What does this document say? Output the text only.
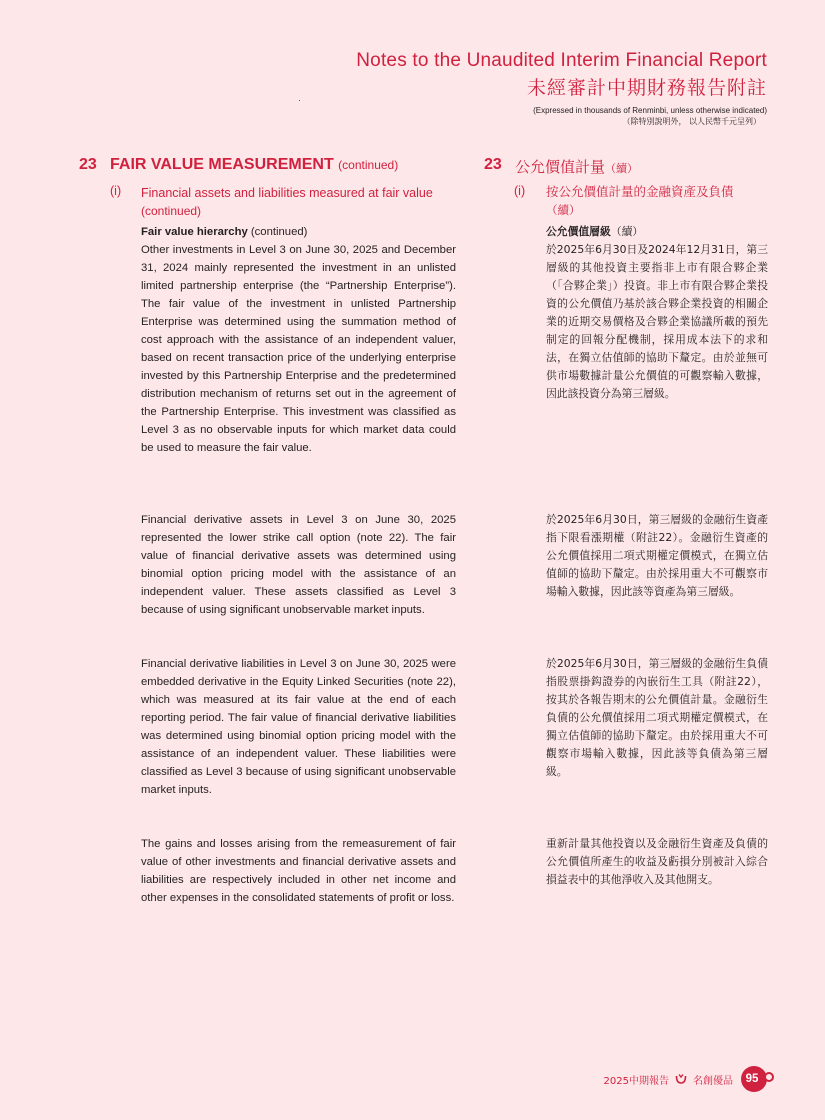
Notes to the Unaudited Interim Financial Report
未經審計中期財務報告附註
(Expressed in thousands of Renminbi, unless otherwise indicated)
（除特別說明外， 以人民幣千元呈列）
23 FAIR VALUE MEASUREMENT (continued)
(i) Financial assets and liabilities measured at fair value (continued)
23 公允價值計量（續）
(i) 按公允價值計量的金融資產及負債
（續）

Fair value hierarchy (continued)

Other investments in Level 3 on June 30, 2025 and December 31, 2024 mainly represented the investment in an unlisted limited partnership enterprise (the “Partnership Enterprise”). The fair value of the investment in unlisted Partnership Enterprise was determined using the summation method of cost approach with the assistance of an independent valuer, based on recent transaction price of the underlying enterprise invested by this Partnership Enterprise and the predetermined distribution mechanism of returns set out in the agreement of the Partnership Enterprise. This investment was classified as Level 3 as no observable inputs for which market data could be used to measure the fair value.

Financial derivative assets in Level 3 on June 30, 2025 represented the lower strike call option (note 22). The fair value of financial derivative assets was determined using binomial option pricing model with the assistance of an independent valuer. These assets classified as Level 3 because of using significant unobservable market inputs.

Financial derivative liabilities in Level 3 on June 30, 2025 were embedded derivative in the Equity Linked Securities (note 22), which was measured at its fair value at the end of each reporting period. The fair value of financial derivative liabilities was determined using binomial option pricing model with the assistance of an independent valuer. These liabilities were classified as Level 3 because of using significant unobservable market inputs.

The gains and losses arising from the remeasurement of fair value of other investments and financial derivative assets and liabilities are respectively included in other net income and other expenses in the consolidated statements of profit or loss.

公允價值層級（續）

於2025年6月30日及2024年12月31日，第三層級的其他投資主要指非上市有限合夥企業（「合夥企業」）投資。非上市有限合夥企業投資的公允價值乃基於該合夥企業投資的相關企業的近期交易價格及合夥企業協議所載的預先制定的回報分配機制，採用成本法下的求和法，在獨立估值師的協助下釐定。由於並無可供市場數據計量公允價值的可觀察輸入數據，因此該投資分為第三層級。

於2025年6月30日，第三層級的金融衍生資產指下限看漲期權（附註22）。金融衍生資產的公允價值採用二項式期權定價模式，在獨立估值師的協助下釐定。由於採用重大不可觀察市場輸入數據，因此該等資產為第三層級。

於2025年6月30日，第三層級的金融衍生負債指股票掛鈎證券的內嵌衍生工具（附註22），按其於各報告期末的公允價值計量。金融衍生負債的公允價值採用二項式期權定價模式，在獨立估值師的協助下釐定。由於採用重大不可觀察市場輸入數據，因此該等負債為第三層級。

重新計量其他投資以及金融衍生資產及負債的公允價值所產生的收益及虧損分別被計入綜合損益表中的其他淨收入及其他開支。

2025中期報告 名創優品 95
